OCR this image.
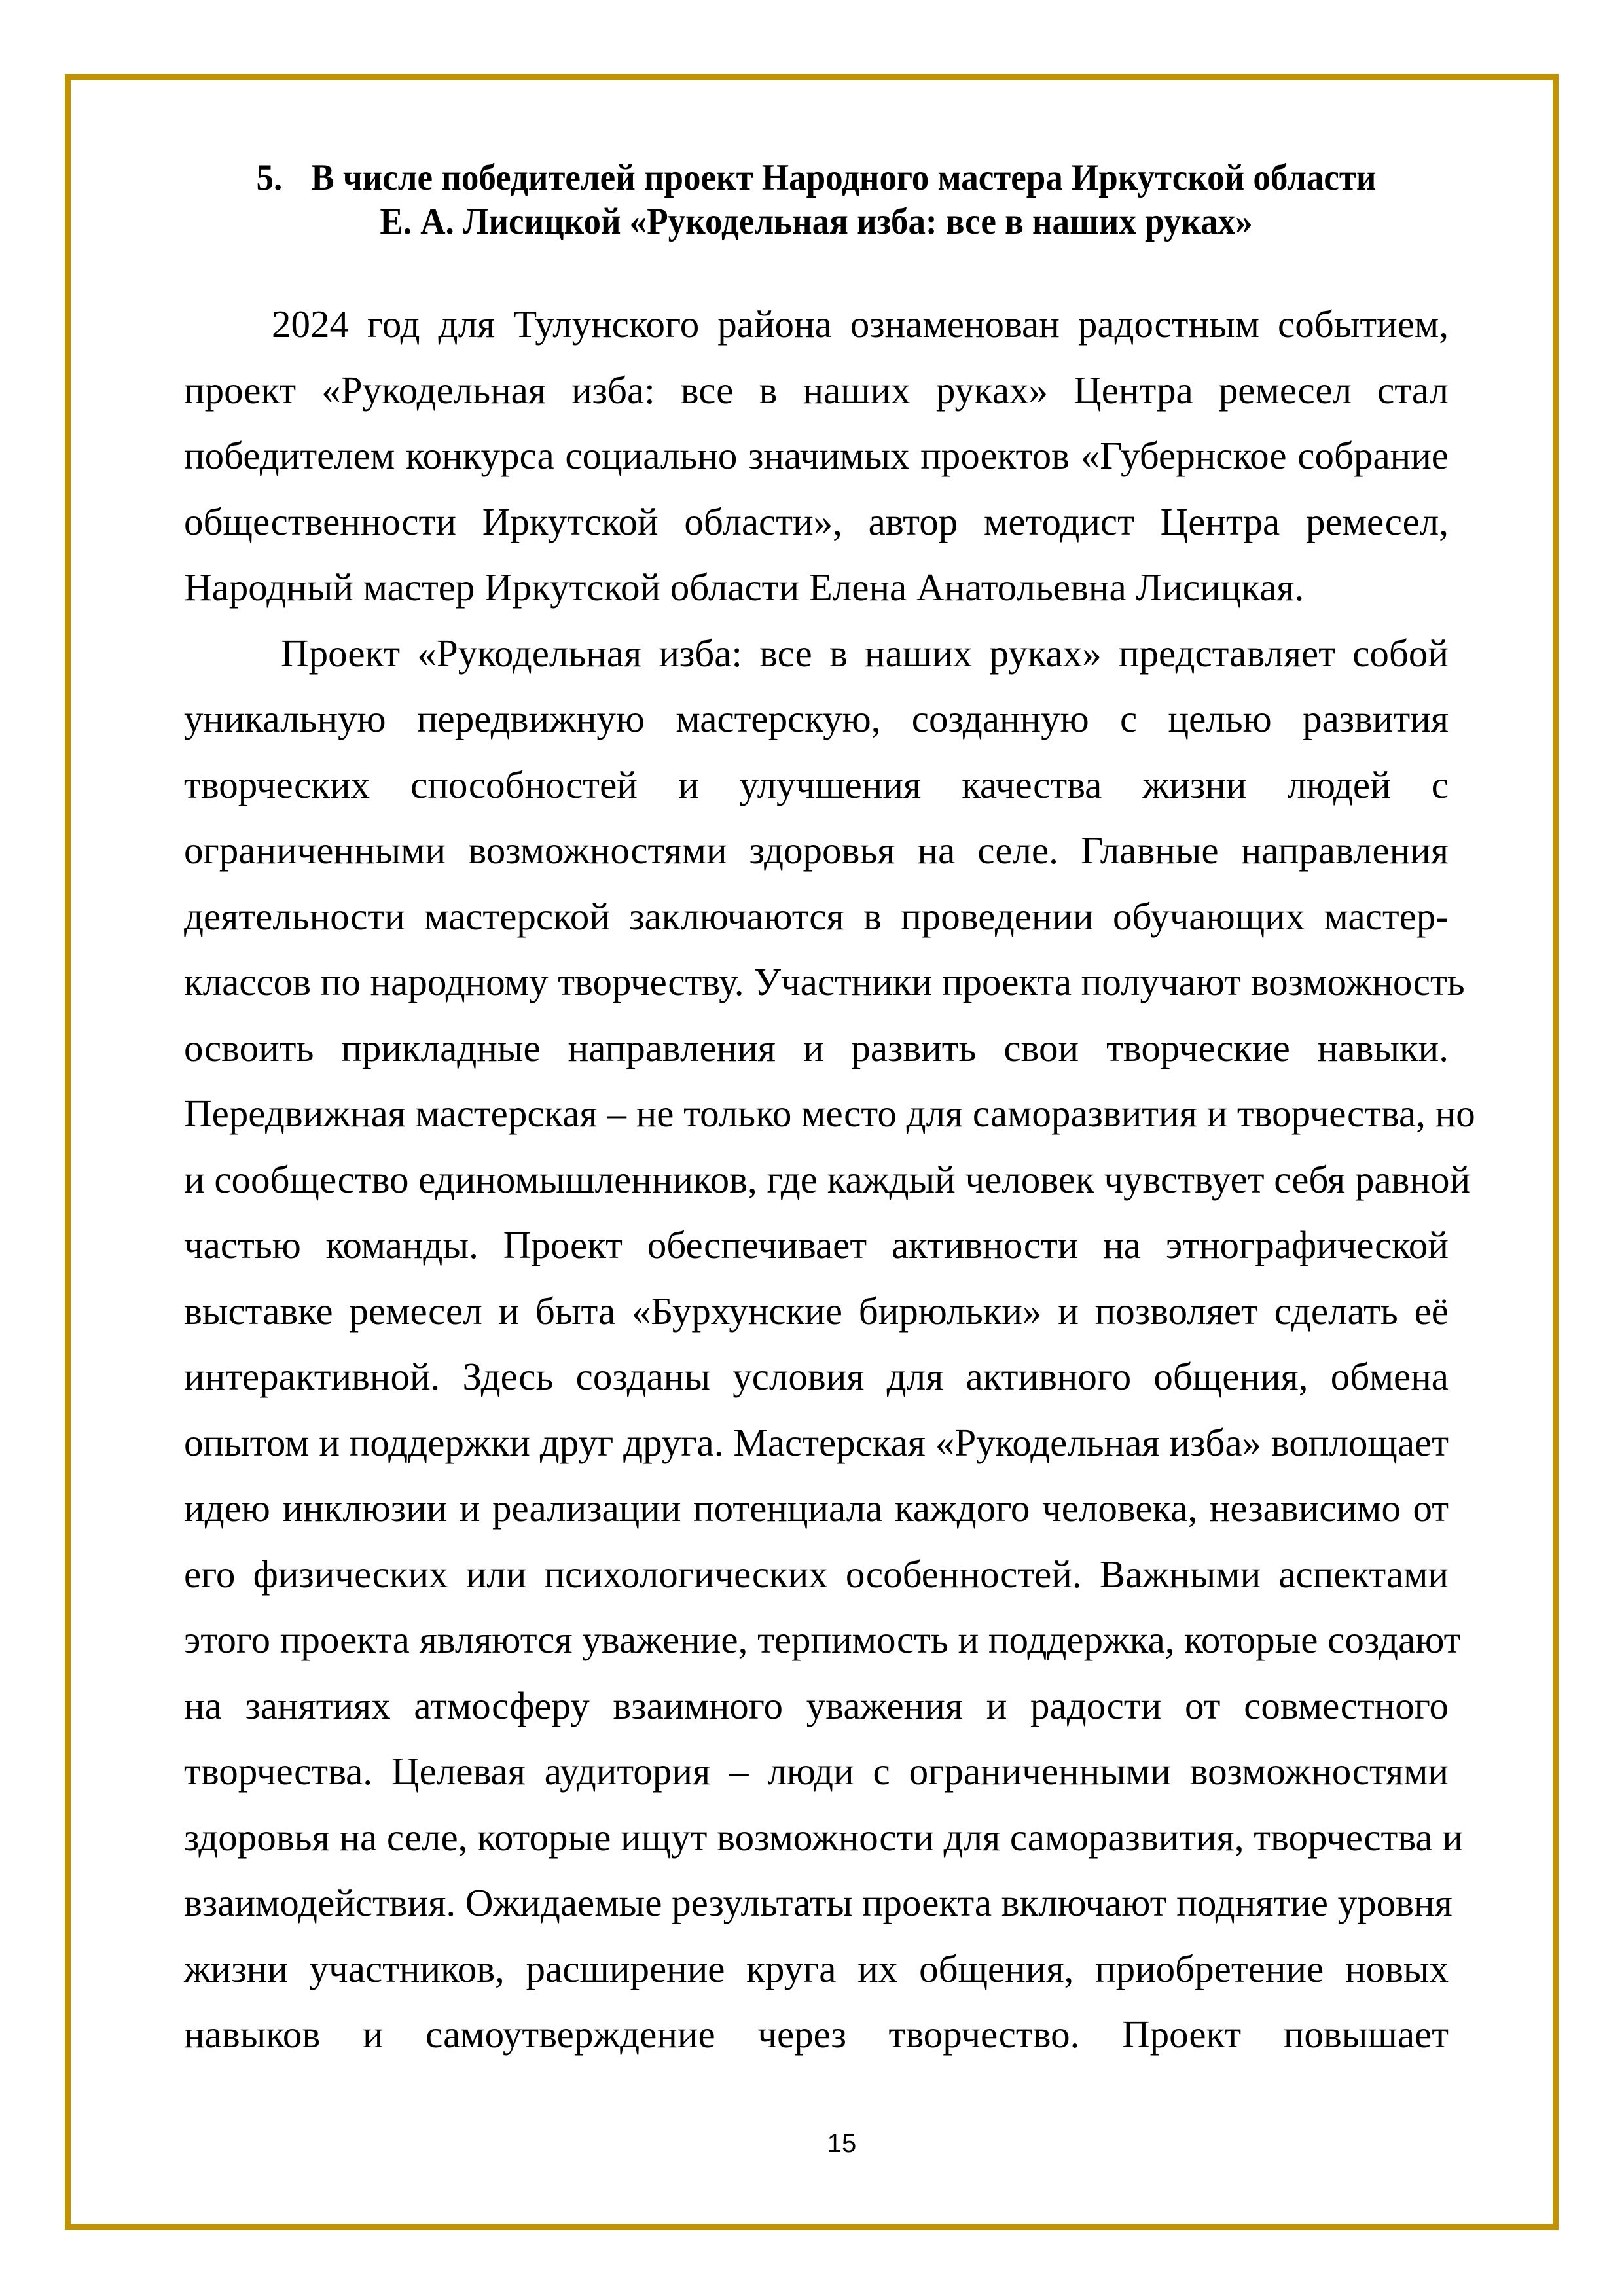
5. В числе победителей проект Народного мастера Иркутской области
Е. А. Лисицкой «Рукодельная изба: все в наших руках»
2024 год для Тулунского района ознаменован радостным событием,
проект «Рукодельная изба: все в наших руках» Центра ремесел стал
победителем конкурса социально значимых проектов «Губернское собрание
общественности Иркутской области», автор методист Центра ремесел,
Народный мастер Иркутской области Елена Анатольевна Лисицкая.
Проект «Рукодельная изба: все в наших руках» представляет собой
уникальную передвижную мастерскую, созданную с целью развития
творческих способностей и улучшения качества жизни людей с
ограниченными возможностями здоровья на селе. Главные направления
деятельности мастерской заключаются в проведении обучающих мастер-
классов по народному творчеству. Участники проекта получают возможность
освоить прикладные направления и развить свои творческие навыки.
Передвижная мастерская – не только место для саморазвития и творчества, но
и сообщество единомышленников, где каждый человек чувствует себя равной
частью команды. Проект обеспечивает активности на этнографической
выставке ремесел и быта «Бурхунские бирюльки» и позволяет сделать её
интерактивной. Здесь созданы условия для активного общения, обмена
опытом и поддержки друг друга. Мастерская «Рукодельная изба» воплощает
идею инклюзии и реализации потенциала каждого человека, независимо от
его физических или психологических особенностей. Важными аспектами
этого проекта являются уважение, терпимость и поддержка, которые создают
на занятиях атмосферу взаимного уважения и радости от совместного
творчества. Целевая аудитория – люди с ограниченными возможностями
здоровья на селе, которые ищут возможности для саморазвития, творчества и
взаимодействия. Ожидаемые результаты проекта включают поднятие уровня
жизни участников, расширение круга их общения, приобретение новых
навыков и самоутверждение через творчество. Проект повышает
15
